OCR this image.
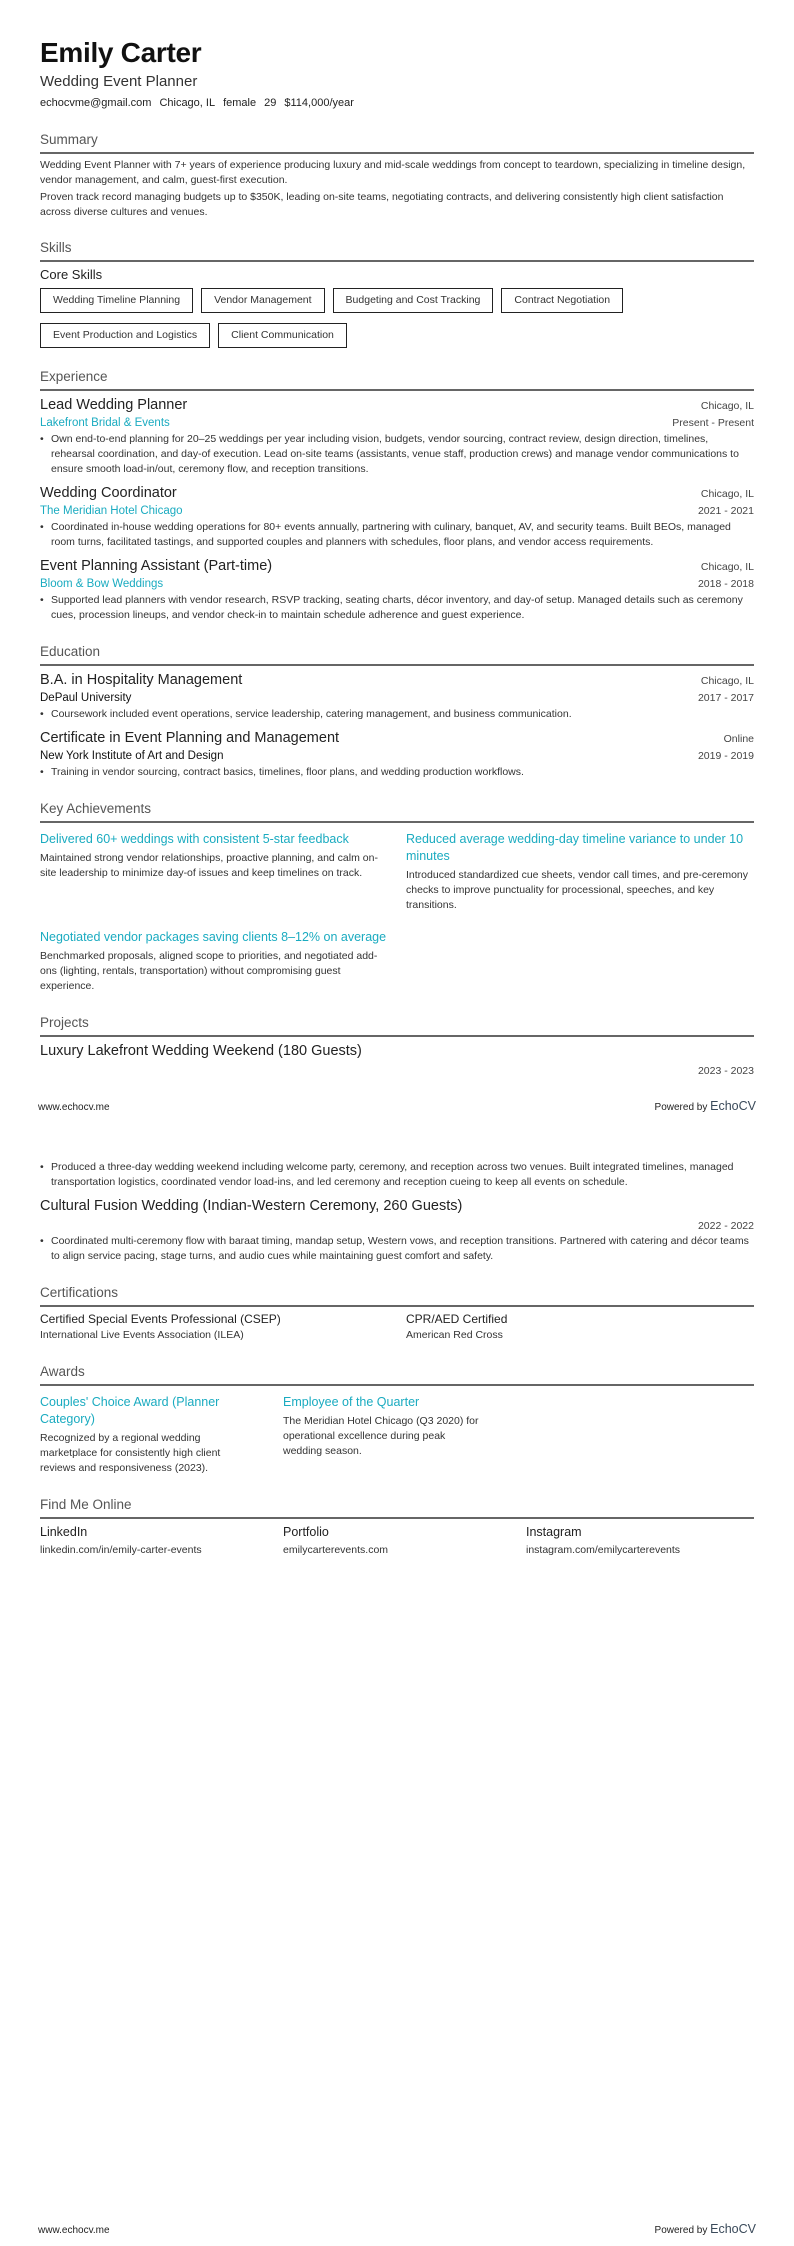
Emily Carter
Wedding Event Planner
echocvme@gmail.com Chicago, IL female 29 $114,000/year
Summary

Wedding Event Planner with 7+ years of experience producing luxury and mid-scale weddings from concept to teardown, specializing in timeline design, vendor management, and calm, guest-first execution.

Proven track record managing budgets up to $350K, leading on-site teams, negotiating contracts, and delivering consistently high client satisfaction across diverse cultures and venues.

Skills
Core Skills
Wedding Timeline Planning	Vendor Management	Budgeting and Cost Tracking	Contract Negotiation
Event Production and Logistics	Client Communication
Experience
Lead Wedding Planner	Chicago, IL
Lakefront Bridal & Events	Present - Present
• Own end-to-end planning for 20–25 weddings per year including vision, budgets, vendor sourcing, contract review, design direction, timelines, rehearsal coordination, and day-of execution. Lead on-site teams (assistants, venue staff, production crews) and manage vendor communications to ensure smooth load-in/out, ceremony flow, and reception transitions.
Wedding Coordinator	Chicago, IL
The Meridian Hotel Chicago	2021 - 2021
• Coordinated in-house wedding operations for 80+ events annually, partnering with culinary, banquet, AV, and security teams. Built BEOs, managed room turns, facilitated tastings, and supported couples and planners with schedules, floor plans, and vendor access requirements.
Event Planning Assistant (Part-time)	Chicago, IL
Bloom & Bow Weddings	2018 - 2018
• Supported lead planners with vendor research, RSVP tracking, seating charts, décor inventory, and day-of setup. Managed details such as ceremony cues, procession lineups, and vendor check-in to maintain schedule adherence and guest experience.
Education
B.A. in Hospitality Management	Chicago, IL
DePaul University	2017 - 2017
• Coursework included event operations, service leadership, catering management, and business communication.
Certificate in Event Planning and Management	Online
New York Institute of Art and Design	2019 - 2019
• Training in vendor sourcing, contract basics, timelines, floor plans, and wedding production workflows.
Key Achievements
Delivered 60+ weddings with consistent 5-star feedback
Maintained strong vendor relationships, proactive planning, and calm on-site leadership to minimize day-of issues and keep timelines on track.
Reduced average wedding-day timeline variance to under 10 minutes
Introduced standardized cue sheets, vendor call times, and pre-ceremony checks to improve punctuality for processional, speeches, and key transitions.
Negotiated vendor packages saving clients 8–12% on average
Benchmarked proposals, aligned scope to priorities, and negotiated add-ons (lighting, rentals, transportation) without compromising guest experience.
Projects
Luxury Lakefront Wedding Weekend (180 Guests)
2023 - 2023
www.echocv.me	Powered by EchoCV
• Produced a three-day wedding weekend including welcome party, ceremony, and reception across two venues. Built integrated timelines, managed transportation logistics, coordinated vendor load-ins, and led ceremony and reception cueing to keep all events on schedule.
Cultural Fusion Wedding (Indian-Western Ceremony, 260 Guests)
2022 - 2022
• Coordinated multi-ceremony flow with baraat timing, mandap setup, Western vows, and reception transitions. Partnered with catering and décor teams to align service pacing, stage turns, and audio cues while maintaining guest comfort and safety.
Certifications
Certified Special Events Professional (CSEP)
International Live Events Association (ILEA)
CPR/AED Certified
American Red Cross
Awards
Couples' Choice Award (Planner Category)
Recognized by a regional wedding marketplace for consistently high client reviews and responsiveness (2023).
Employee of the Quarter
The Meridian Hotel Chicago (Q3 2020) for operational excellence during peak wedding season.
Find Me Online
LinkedIn
linkedin.com/in/emily-carter-events
Portfolio
emilycarterevents.com
Instagram
instagram.com/emilycarterevents
www.echocv.me	Powered by EchoCV
